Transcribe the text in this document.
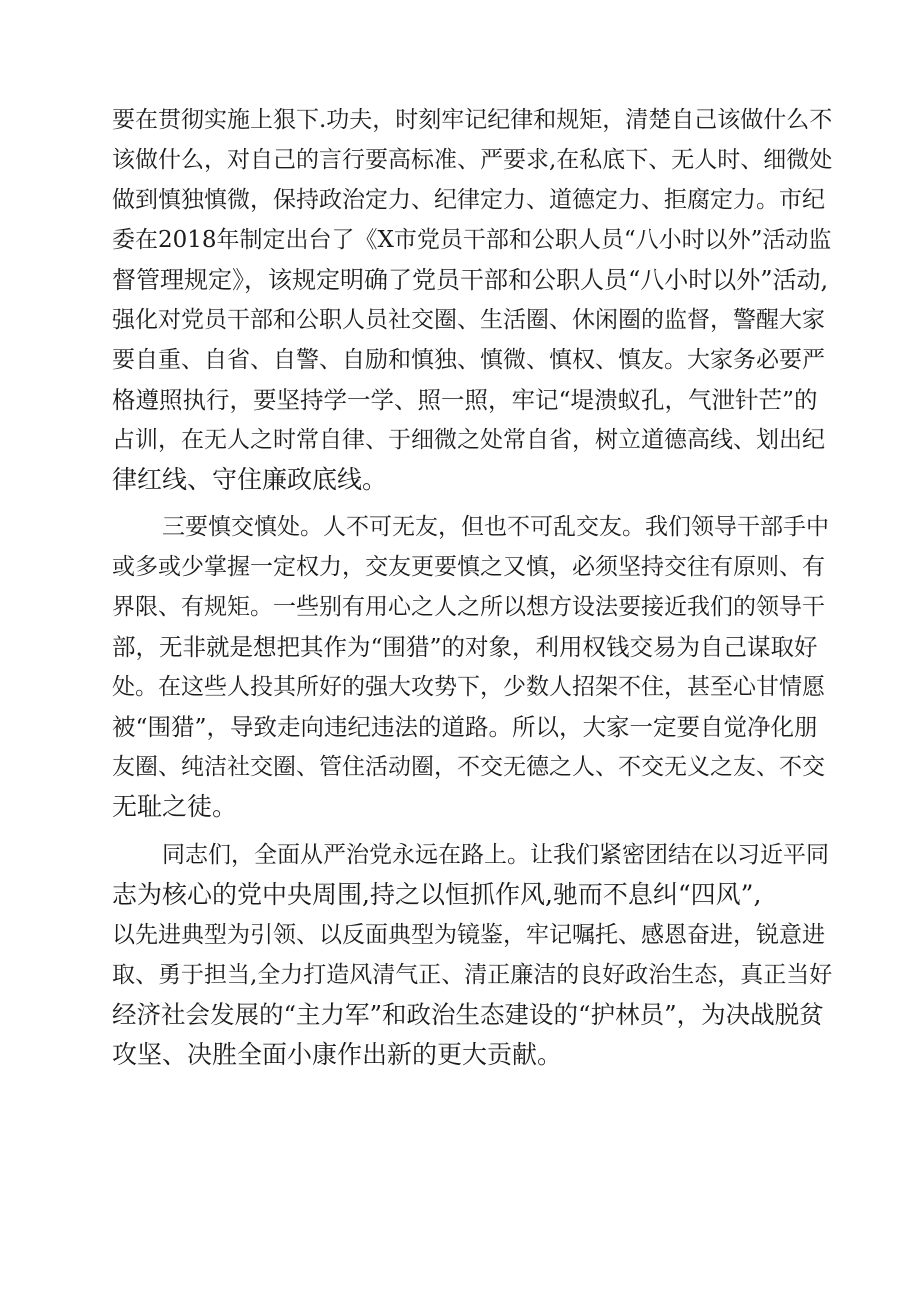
要在贯彻实施上狠下.功夫，时刻牢记纪律和规矩，清楚自己该做什么不

该做什么，对自己的言行要高标准、严要求,在私底下、无人时、细微处

做到慎独慎微，保持政治定力、纪律定力、道德定力、拒腐定力。市纪

委在2018年制定出台了《X市党员干部和公职人员“八小时以外”活动监

督管理规定》，该规定明确了党员干部和公职人员“八小时以外”活动,

强化对党员干部和公职人员社交圈、生活圈、休闲圈的监督，警醒大家

要自重、自省、自警、自励和慎独、慎微、慎权、慎友。大家务必要严

格遵照执行，要坚持学一学、照一照，牢记“堤溃蚁孔，气泄针芒”的

占训，在无人之时常自律、于细微之处常自省，树立道德高线、划出纪

律红线、守住廉政底线。

三要慎交慎处。人不可无友，但也不可乱交友。我们领导干部手中

或多或少掌握一定权力，交友更要慎之又慎，必须坚持交往有原则、有

界限、有规矩。一些别有用心之人之所以想方设法要接近我们的领导干

部，无非就是想把其作为“围猎”的对象，利用权钱交易为自己谋取好

处。在这些人投其所好的强大攻势下，少数人招架不住，甚至心甘情愿

被“围猎”，导致走向违纪违法的道路。所以，大家一定要自觉净化朋

友圈、纯洁社交圈、管住活动圈，不交无德之人、不交无义之友、不交

无耻之徒。

同志们，全面从严治党永远在路上。让我们紧密团结在以习近平同

志为核心的党中央周围,持之以恒抓作风,驰而不息纠“四风”,

以先进典型为引领、以反面典型为镜鉴，牢记嘱托、感恩奋进，锐意进

取、勇于担当,全力打造风清气正、清正廉洁的良好政治生态，真正当好

经济社会发展的“主力军”和政治生态建设的“护林员”，为决战脱贫

攻坚、决胜全面小康作出新的更大贡献。
